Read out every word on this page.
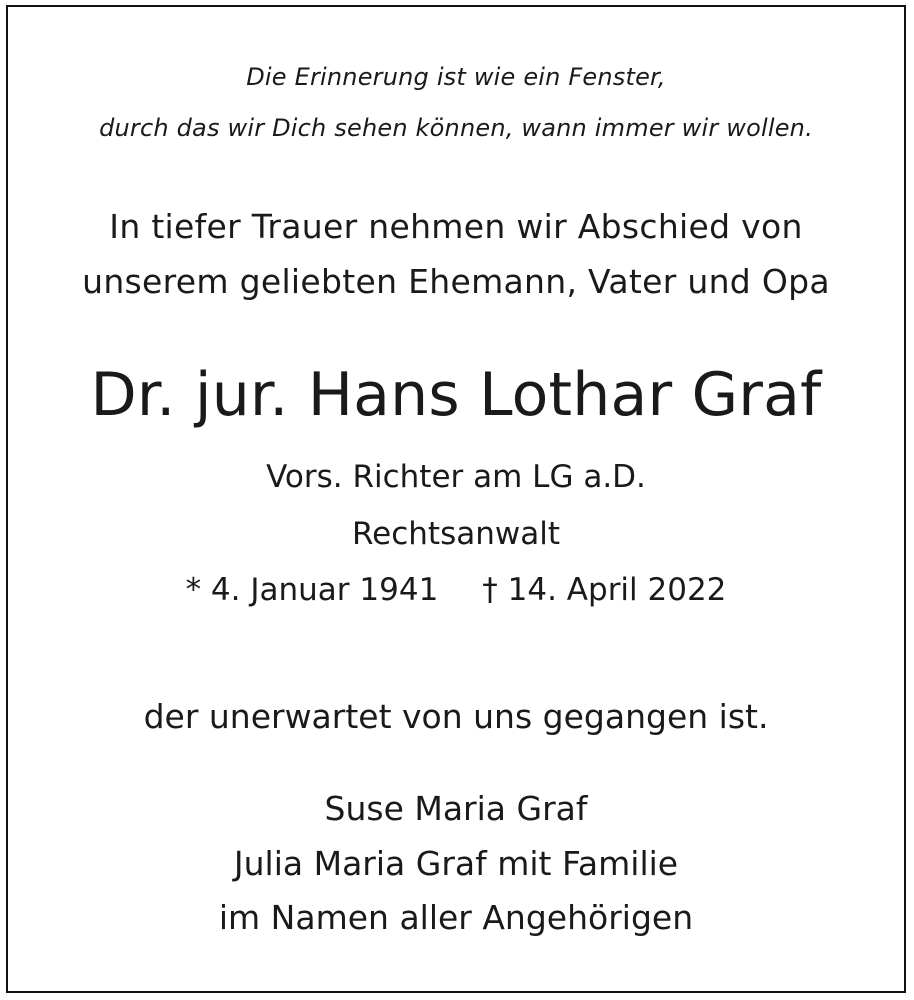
Die Erinnerung ist wie ein Fenster,
durch das wir Dich sehen können, wann immer wir wollen.
In tiefer Trauer nehmen wir Abschied von
unserem geliebten Ehemann, Vater und Opa
Dr. jur. Hans Lothar Graf
Vors. Richter am LG a.D.
Rechtsanwalt
* 4. Januar 1941 † 14. April 2022
der unerwartet von uns gegangen ist.
Suse Maria Graf
Julia Maria Graf mit Familie
im Namen aller Angehörigen
